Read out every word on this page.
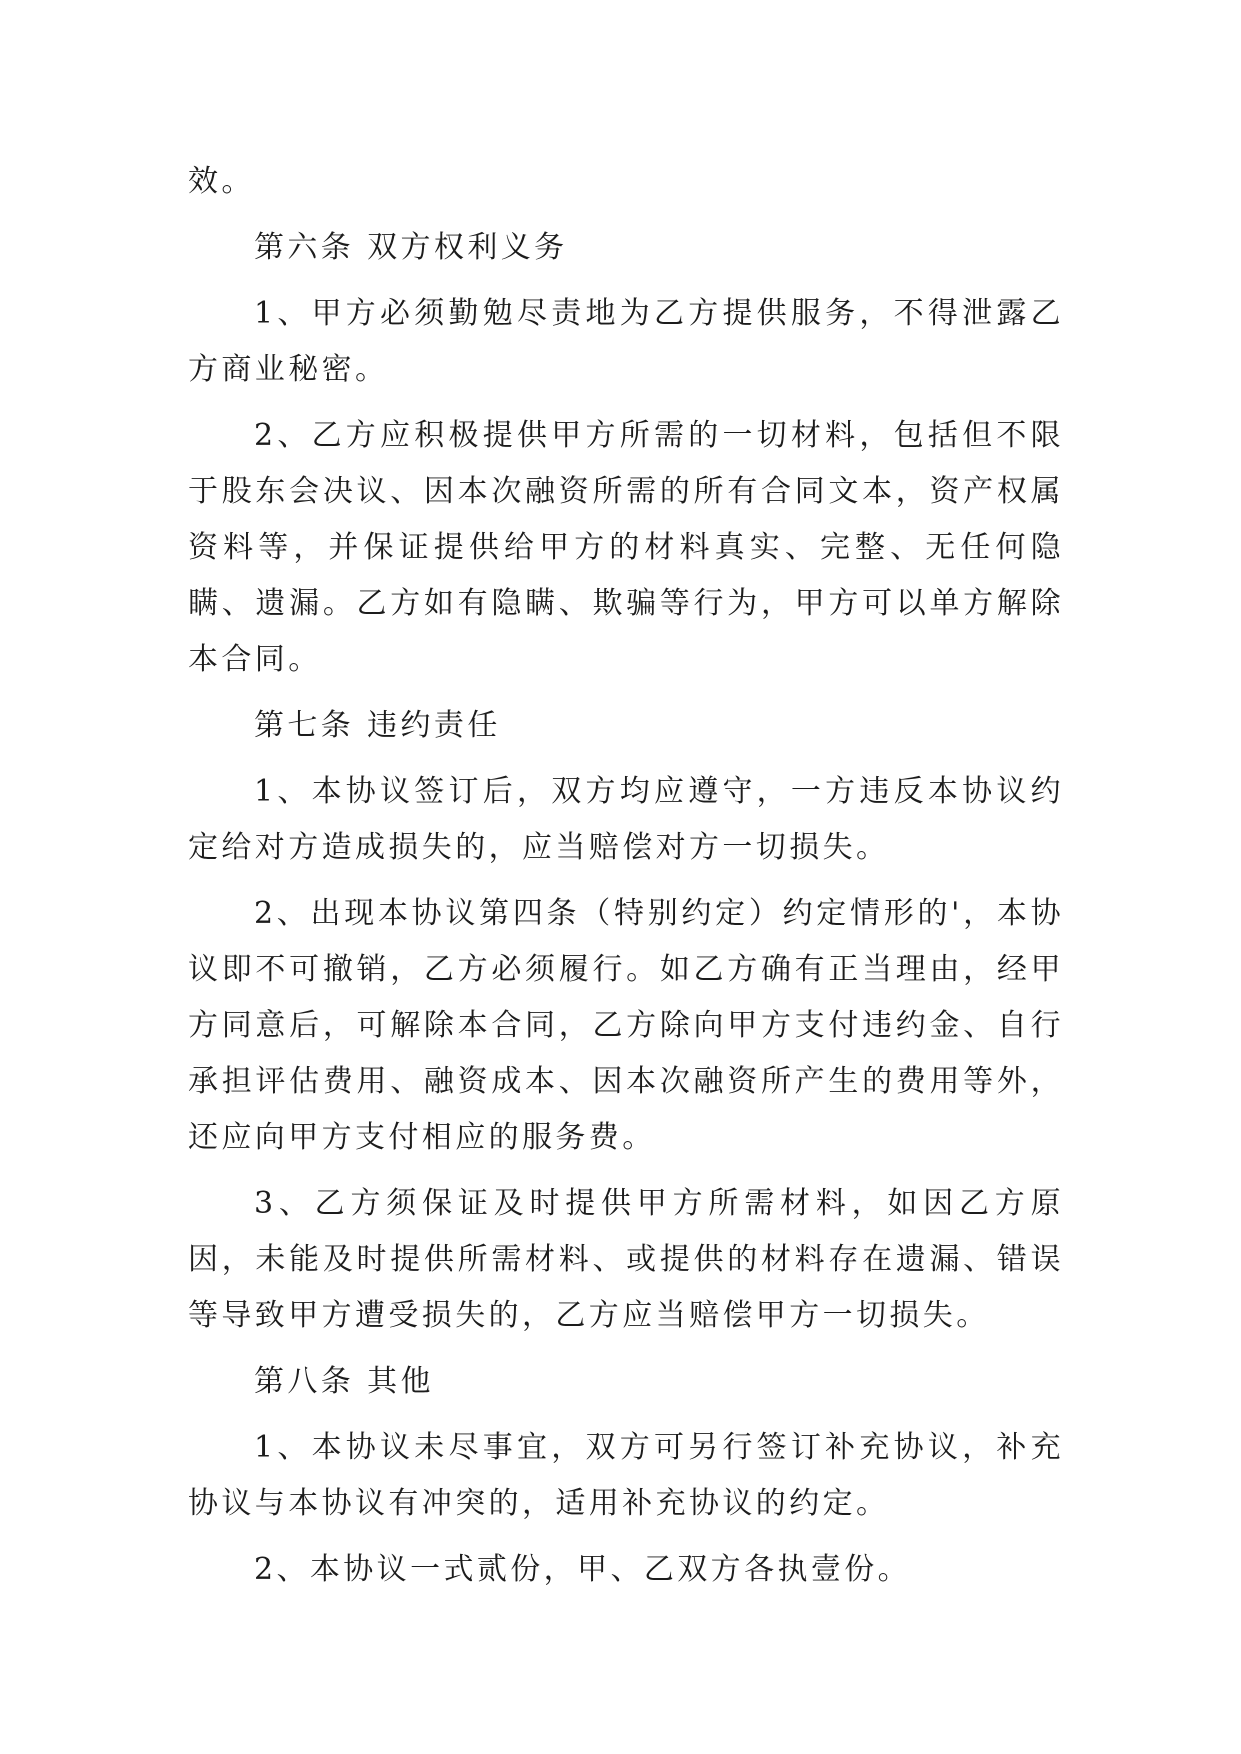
效。

第六条 双方权利义务

1、甲方必须勤勉尽责地为乙方提供服务，不得泄露乙方商业秘密。

2、乙方应积极提供甲方所需的一切材料，包括但不限于股东会决议、因本次融资所需的所有合同文本，资产权属资料等，并保证提供给甲方的材料真实、完整、无任何隐瞒、遗漏。乙方如有隐瞒、欺骗等行为，甲方可以单方解除本合同。

第七条 违约责任

1、本协议签订后，双方均应遵守，一方违反本协议约定给对方造成损失的，应当赔偿对方一切损失。

2、出现本协议第四条（特别约定）约定情形的'，本协议即不可撤销，乙方必须履行。如乙方确有正当理由，经甲方同意后，可解除本合同，乙方除向甲方支付违约金、自行承担评估费用、融资成本、因本次融资所产生的费用等外，还应向甲方支付相应的服务费。

3、乙方须保证及时提供甲方所需材料，如因乙方原因，未能及时提供所需材料、或提供的材料存在遗漏、错误等导致甲方遭受损失的，乙方应当赔偿甲方一切损失。

第八条 其他

1、本协议未尽事宜，双方可另行签订补充协议，补充协议与本协议有冲突的，适用补充协议的约定。

2、本协议一式贰份，甲、乙双方各执壹份。
